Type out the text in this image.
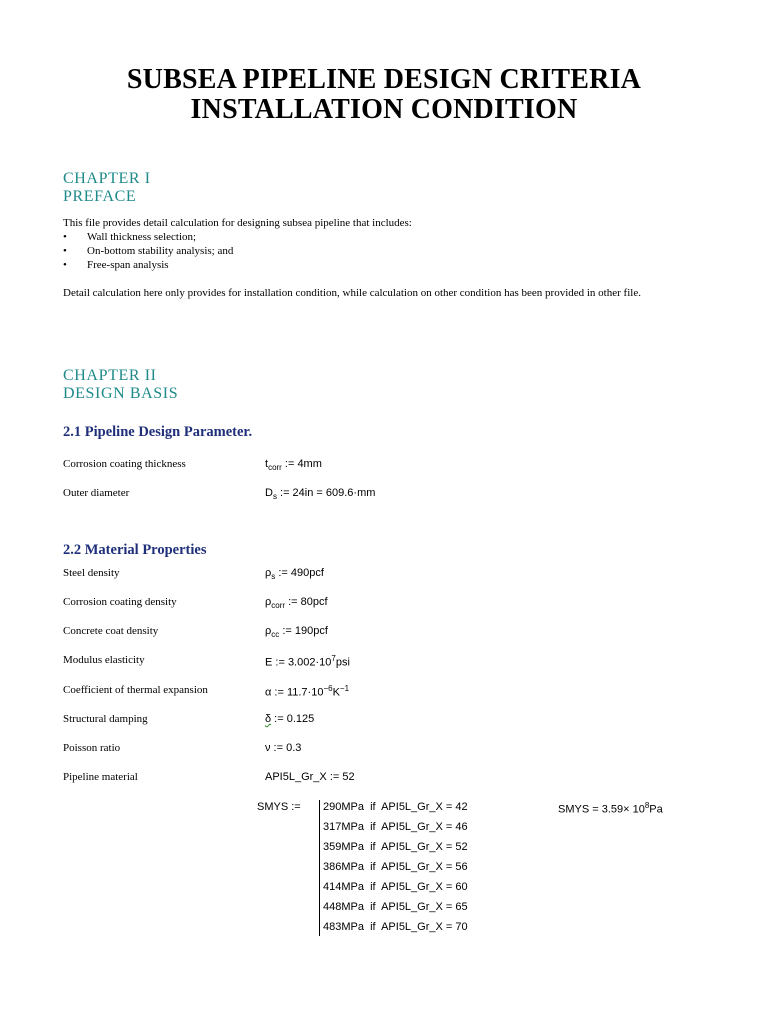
SUBSEA PIPELINE DESIGN CRITERIA
INSTALLATION CONDITION
CHAPTER I
PREFACE
This file provides detail calculation for designing subsea pipeline that includes:
• Wall thickness selection;
• On-bottom stability analysis; and
• Free-span analysis
Detail calculation here only provides for installation condition, while calculation on other condition has been provided in other file.
CHAPTER II
DESIGN BASIS
2.1 Pipeline Design Parameter.
Corrosion coating thickness	$t_{corr}$ := 4mm
Outer diameter	$D_s$ := 24in = 609.6·mm
2.2 Material Properties
Steel density	$\rho_s$ := 490pcf
Corrosion coating density	$\rho_{corr}$ := 80pcf
Concrete coat density	$\rho_{cc}$ := 190pcf
Modulus elasticity	E := $3.002\cdot 10^7psi$
Coefficient of thermal expansion	α := $11.7\cdot 10^{-6}K^{-1}$
Structural damping	δ := 0.125
Poisson ratio	ν := 0.3
Pipeline material	API5L_Gr_X := 52
SMYS := 290MPa  if  API5L_Gr_X = 42
317MPa  if  API5L_Gr_X = 46
359MPa  if  API5L_Gr_X = 52
386MPa  if  API5L_Gr_X = 56
414MPa  if  API5L_Gr_X = 60
448MPa  if  API5L_Gr_X = 65
483MPa  if  API5L_Gr_X = 70
SMYS = $3.59\times 10^8Pa$
